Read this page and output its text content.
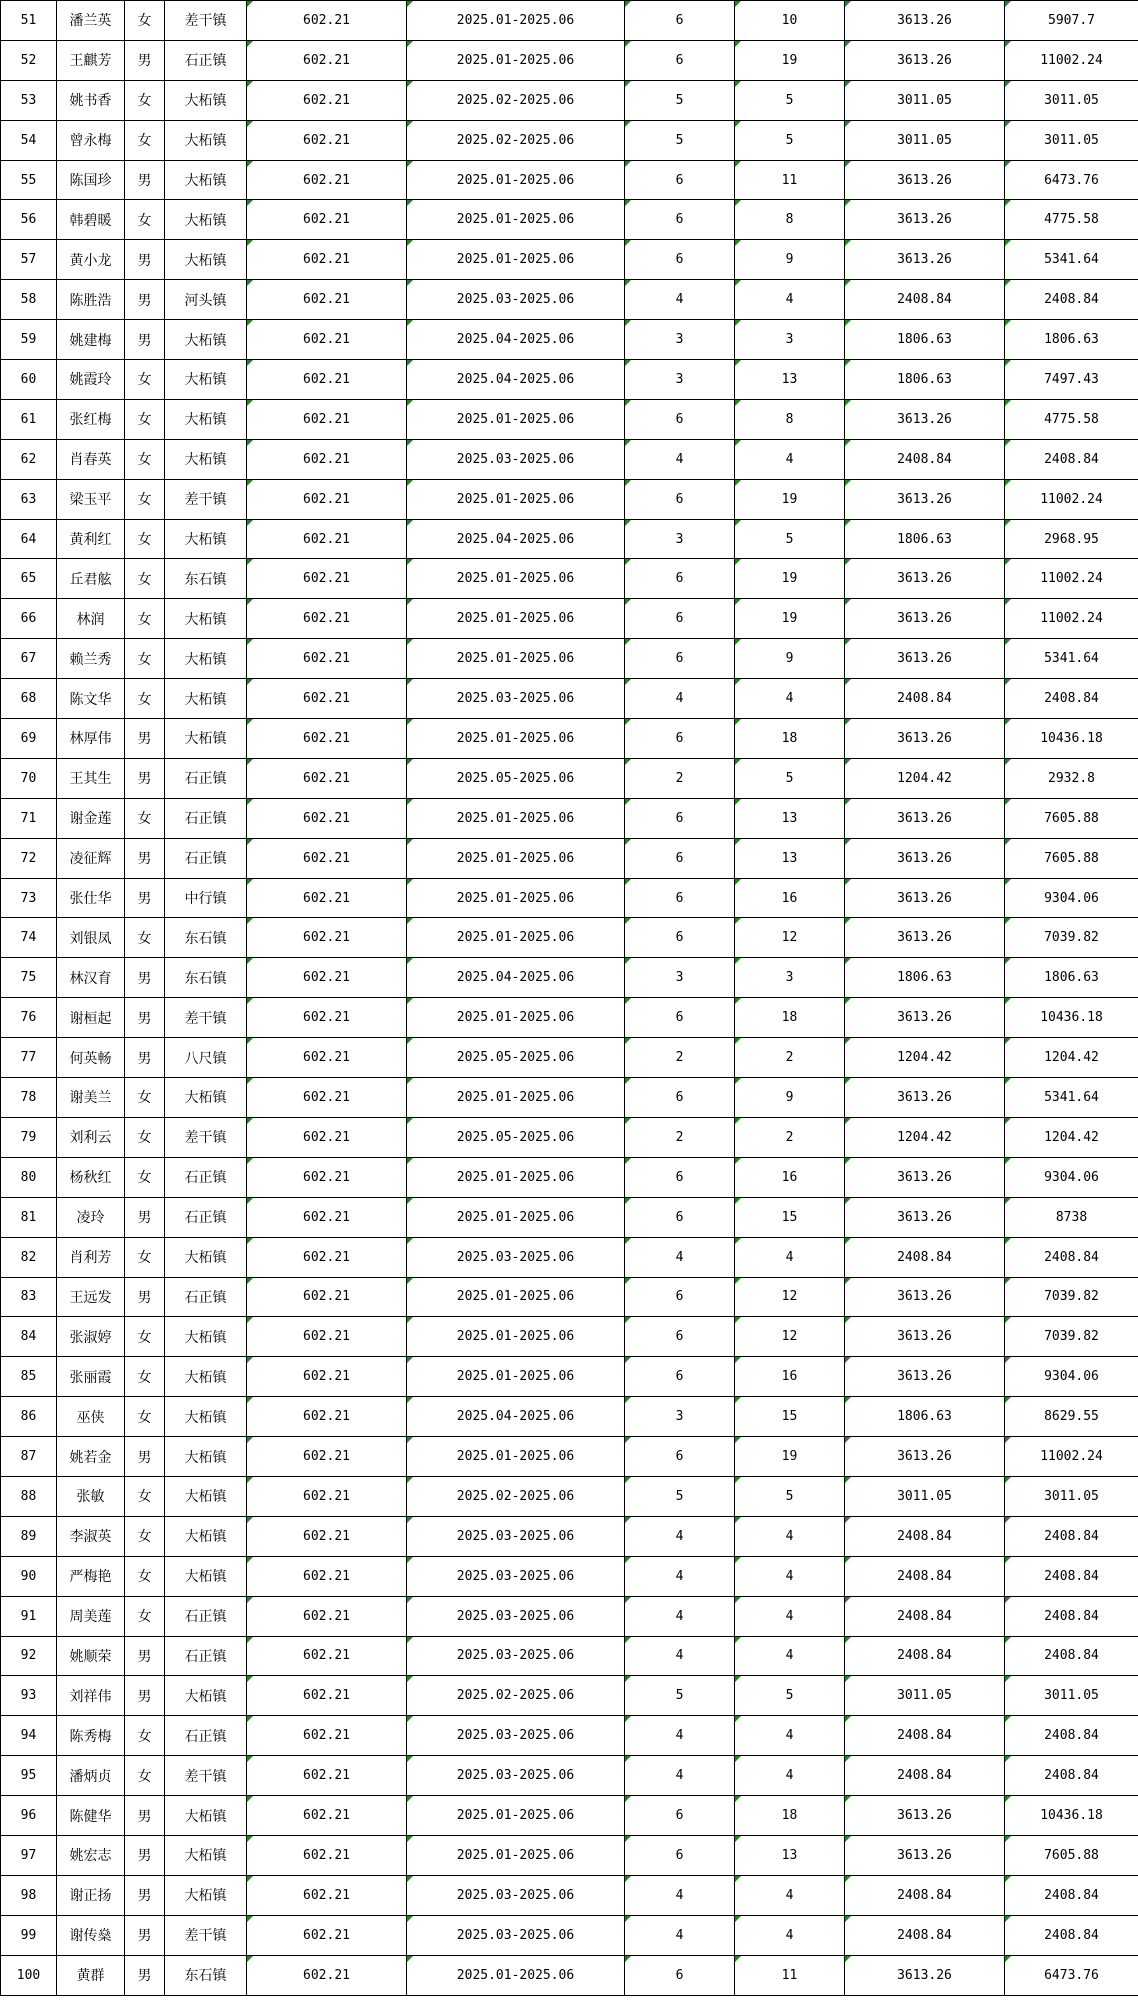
51	潘兰英	女	差干镇	602.21	2025.01-2025.06	6	10	3613.26	5907.7
52	王麒芳	男	石正镇	602.21	2025.01-2025.06	6	19	3613.26	11002.24
53	姚书香	女	大柘镇	602.21	2025.02-2025.06	5	5	3011.05	3011.05
54	曾永梅	女	大柘镇	602.21	2025.02-2025.06	5	5	3011.05	3011.05
55	陈国珍	男	大柘镇	602.21	2025.01-2025.06	6	11	3613.26	6473.76
56	韩碧暖	女	大柘镇	602.21	2025.01-2025.06	6	8	3613.26	4775.58
57	黄小龙	男	大柘镇	602.21	2025.01-2025.06	6	9	3613.26	5341.64
58	陈胜浩	男	河头镇	602.21	2025.03-2025.06	4	4	2408.84	2408.84
59	姚建梅	男	大柘镇	602.21	2025.04-2025.06	3	3	1806.63	1806.63
60	姚霞玲	女	大柘镇	602.21	2025.04-2025.06	3	13	1806.63	7497.43
61	张红梅	女	大柘镇	602.21	2025.01-2025.06	6	8	3613.26	4775.58
62	肖春英	女	大柘镇	602.21	2025.03-2025.06	4	4	2408.84	2408.84
63	梁玉平	女	差干镇	602.21	2025.01-2025.06	6	19	3613.26	11002.24
64	黄利红	女	大柘镇	602.21	2025.04-2025.06	3	5	1806.63	2968.95
65	丘君舷	女	东石镇	602.21	2025.01-2025.06	6	19	3613.26	11002.24
66	林润	女	大柘镇	602.21	2025.01-2025.06	6	19	3613.26	11002.24
67	赖兰秀	女	大柘镇	602.21	2025.01-2025.06	6	9	3613.26	5341.64
68	陈文华	女	大柘镇	602.21	2025.03-2025.06	4	4	2408.84	2408.84
69	林厚伟	男	大柘镇	602.21	2025.01-2025.06	6	18	3613.26	10436.18
70	王其生	男	石正镇	602.21	2025.05-2025.06	2	5	1204.42	2932.8
71	谢金莲	女	石正镇	602.21	2025.01-2025.06	6	13	3613.26	7605.88
72	凌征辉	男	石正镇	602.21	2025.01-2025.06	6	13	3613.26	7605.88
73	张仕华	男	中行镇	602.21	2025.01-2025.06	6	16	3613.26	9304.06
74	刘银凤	女	东石镇	602.21	2025.01-2025.06	6	12	3613.26	7039.82
75	林汉育	男	东石镇	602.21	2025.04-2025.06	3	3	1806.63	1806.63
76	谢桓起	男	差干镇	602.21	2025.01-2025.06	6	18	3613.26	10436.18
77	何英畅	男	八尺镇	602.21	2025.05-2025.06	2	2	1204.42	1204.42
78	谢美兰	女	大柘镇	602.21	2025.01-2025.06	6	9	3613.26	5341.64
79	刘利云	女	差干镇	602.21	2025.05-2025.06	2	2	1204.42	1204.42
80	杨秋红	女	石正镇	602.21	2025.01-2025.06	6	16	3613.26	9304.06
81	凌玲	男	石正镇	602.21	2025.01-2025.06	6	15	3613.26	8738
82	肖利芳	女	大柘镇	602.21	2025.03-2025.06	4	4	2408.84	2408.84
83	王远发	男	石正镇	602.21	2025.01-2025.06	6	12	3613.26	7039.82
84	张淑婷	女	大柘镇	602.21	2025.01-2025.06	6	12	3613.26	7039.82
85	张丽霞	女	大柘镇	602.21	2025.01-2025.06	6	16	3613.26	9304.06
86	巫侠	女	大柘镇	602.21	2025.04-2025.06	3	15	1806.63	8629.55
87	姚若金	男	大柘镇	602.21	2025.01-2025.06	6	19	3613.26	11002.24
88	张敏	女	大柘镇	602.21	2025.02-2025.06	5	5	3011.05	3011.05
89	李淑英	女	大柘镇	602.21	2025.03-2025.06	4	4	2408.84	2408.84
90	严梅艳	女	大柘镇	602.21	2025.03-2025.06	4	4	2408.84	2408.84
91	周美莲	女	石正镇	602.21	2025.03-2025.06	4	4	2408.84	2408.84
92	姚顺荣	男	石正镇	602.21	2025.03-2025.06	4	4	2408.84	2408.84
93	刘祥伟	男	大柘镇	602.21	2025.02-2025.06	5	5	3011.05	3011.05
94	陈秀梅	女	石正镇	602.21	2025.03-2025.06	4	4	2408.84	2408.84
95	潘炳贞	女	差干镇	602.21	2025.03-2025.06	4	4	2408.84	2408.84
96	陈健华	男	大柘镇	602.21	2025.01-2025.06	6	18	3613.26	10436.18
97	姚宏志	男	大柘镇	602.21	2025.01-2025.06	6	13	3613.26	7605.88
98	谢正扬	男	大柘镇	602.21	2025.03-2025.06	4	4	2408.84	2408.84
99	谢传燊	男	差干镇	602.21	2025.03-2025.06	4	4	2408.84	2408.84
100	黄群	男	东石镇	602.21	2025.01-2025.06	6	11	3613.26	6473.76
